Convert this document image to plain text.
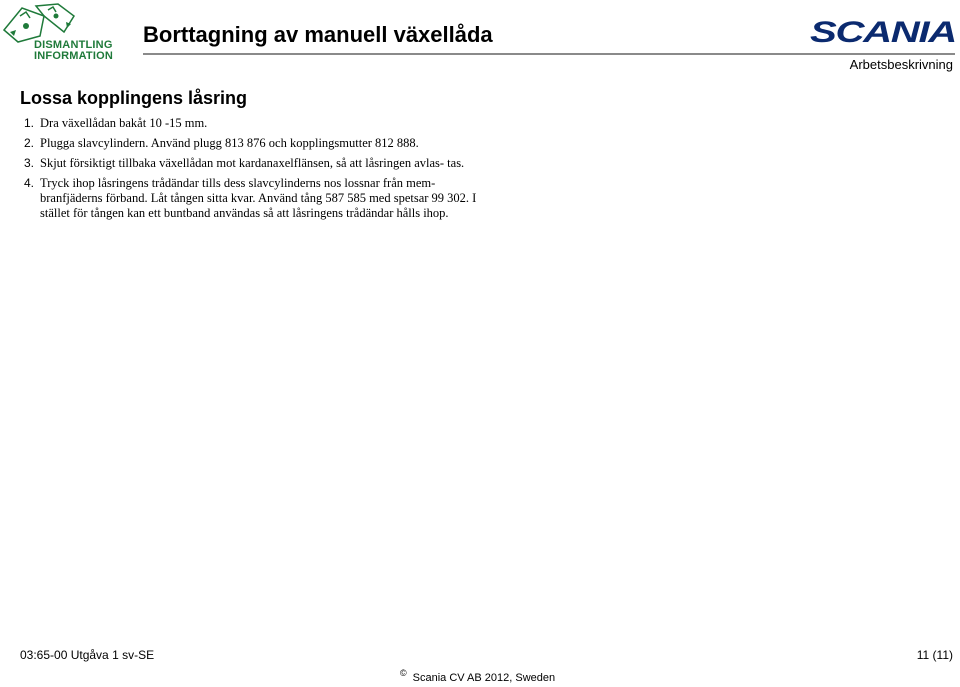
DISMANTLING
INFORMATION
Borttagning av manuell växellåda	SCANIA
Arbetsbeskrivning
Lossa kopplingens låsring
1. Dra växellådan bakåt 10 -15 mm.
2. Plugga slavcylindern. Använd plugg 813 876 och kopplingsmutter 812 888.
3. Skjut försiktigt tillbaka växellådan mot kardanaxelflänsen, så att låsringen avlas- tas.
4. Tryck ihop låsringens trådändar tills dess slavcylinderns nos lossnar från mem- branfjäderns förband. Låt tången sitta kvar. Använd tång 587 585 med spetsar 99 302. I stället för tången kan ett buntband användas så att låsringens trådändar hålls ihop.
03:65-00 Utgåva 1 sv-SE	11 (11)
© Scania CV AB 2012, Sweden
